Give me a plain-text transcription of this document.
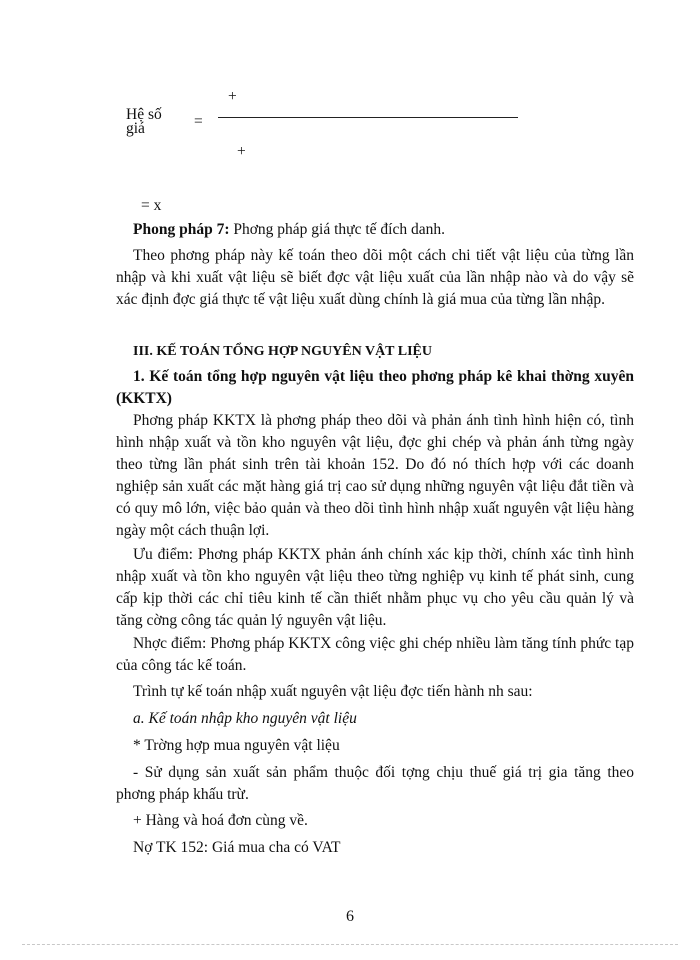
+
Hệ số
giá	=
+
= x
Phong pháp 7: Phơng pháp giá thực tế đích danh.
Theo phơng pháp này kế toán theo dõi một cách chi tiết vật liệu của từng lần nhập và khi xuất vật liệu sẽ biết đợc vật liệu xuất của lần nhập nào và do vậy sẽ xác định đợc giá thực tế vật liệu xuất dùng chính là giá mua của từng lần nhập.
III. KẾ TOÁN TỔNG HỢP NGUYÊN VẬT LIỆU
1. Kế toán tổng hợp nguyên vật liệu theo phơng pháp kê khai thờng xuyên (KKTX)
Phơng pháp KKTX là phơng pháp theo dõi và phản ánh tình hình hiện có, tình hình nhập xuất và tồn kho nguyên vật liệu, đợc ghi chép và phản ánh từng ngày theo từng lần phát sinh trên tài khoản 152. Do đó nó thích hợp với các doanh nghiệp sản xuất các mặt hàng giá trị cao sử dụng những nguyên vật liệu đắt tiền và có quy mô lớn, việc bảo quản và theo dõi tình hình nhập xuất nguyên vật liệu hàng ngày một cách thuận lợi.
Ưu điểm: Phơng pháp KKTX phản ánh chính xác kịp thời, chính xác tình hình nhập xuất và tồn kho nguyên vật liệu theo từng nghiệp vụ kinh tế phát sinh, cung cấp kịp thời các chỉ tiêu kinh tế cần thiết nhằm phục vụ cho yêu cầu quản lý và tăng cờng công tác quản lý nguyên vật liệu.
Nhợc điểm: Phơng pháp KKTX công việc ghi chép nhiều làm tăng tính phức tạp của công tác kế toán.
Trình tự kế toán nhập xuất nguyên vật liệu đợc tiến hành nh sau:
a. Kế toán nhập kho nguyên vật liệu
* Trờng hợp mua nguyên vật liệu
- Sử dụng sản xuất sản phẩm thuộc đối tợng chịu thuế giá trị gia tăng theo phơng pháp khấu trừ.
+ Hàng và hoá đơn cùng về.
Nợ TK 152: Giá mua cha có VAT
6
